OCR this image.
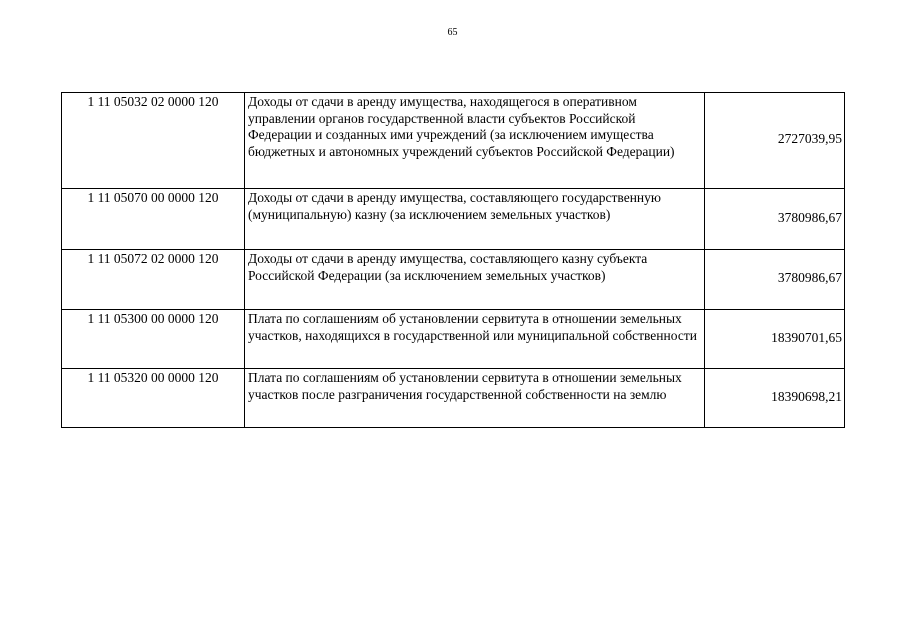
65
1 11 05032 02 0000 120	Доходы от сдачи в аренду имущества, находящегося в оперативном управлении органов государственной власти субъектов Российской Федерации и созданных ими учреждений (за исключением имущества бюджетных и автономных учреждений субъектов Российской Федерации)	2727039,95
1 11 05070 00 0000 120	Доходы от сдачи в аренду имущества, составляющего государственную (муниципальную) казну (за исключением земельных участков)	3780986,67
1 11 05072 02 0000 120	Доходы от сдачи в аренду имущества, составляющего казну субъекта Российской Федерации (за исключением земельных участков)	3780986,67
1 11 05300 00 0000 120	Плата по соглашениям об установлении сервитута в отношении земельных участков, находящихся в государственной или муниципальной собственности	18390701,65
1 11 05320 00 0000 120	Плата по соглашениям об установлении сервитута в отношении земельных участков после разграничения государственной собственности на землю	18390698,21
